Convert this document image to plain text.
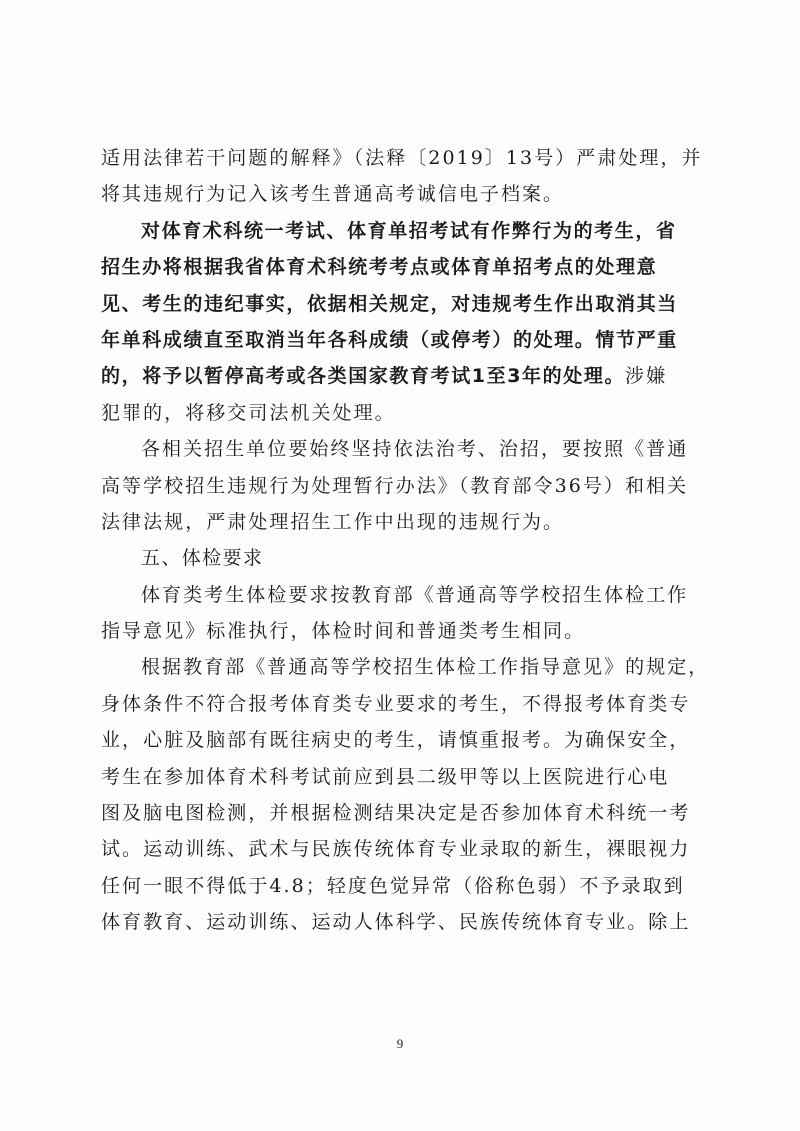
适用法律若干问题的解释》（法释〔2019〕13号）严肃处理，并
将其违规行为记入该考生普通高考诚信电子档案。
对体育术科统一考试、体育单招考试有作弊行为的考生，省
招生办将根据我省体育术科统考考点或体育单招考点的处理意
见、考生的违纪事实，依据相关规定，对违规考生作出取消其当
年单科成绩直至取消当年各科成绩（或停考）的处理。情节严重
的，将予以暂停高考或各类国家教育考试1至3年的处理。涉嫌
犯罪的，将移交司法机关处理。
各相关招生单位要始终坚持依法治考、治招，要按照《普通
高等学校招生违规行为处理暂行办法》（教育部令36号）和相关
法律法规，严肃处理招生工作中出现的违规行为。
五、体检要求
体育类考生体检要求按教育部《普通高等学校招生体检工作
指导意见》标准执行，体检时间和普通类考生相同。
根据教育部《普通高等学校招生体检工作指导意见》的规定，
身体条件不符合报考体育类专业要求的考生，不得报考体育类专
业，心脏及脑部有既往病史的考生，请慎重报考。为确保安全，
考生在参加体育术科考试前应到县二级甲等以上医院进行心电
图及脑电图检测，并根据检测结果决定是否参加体育术科统一考
试。运动训练、武术与民族传统体育专业录取的新生，裸眼视力
任何一眼不得低于4.8；轻度色觉异常（俗称色弱）不予录取到
体育教育、运动训练、运动人体科学、民族传统体育专业。除上
9
